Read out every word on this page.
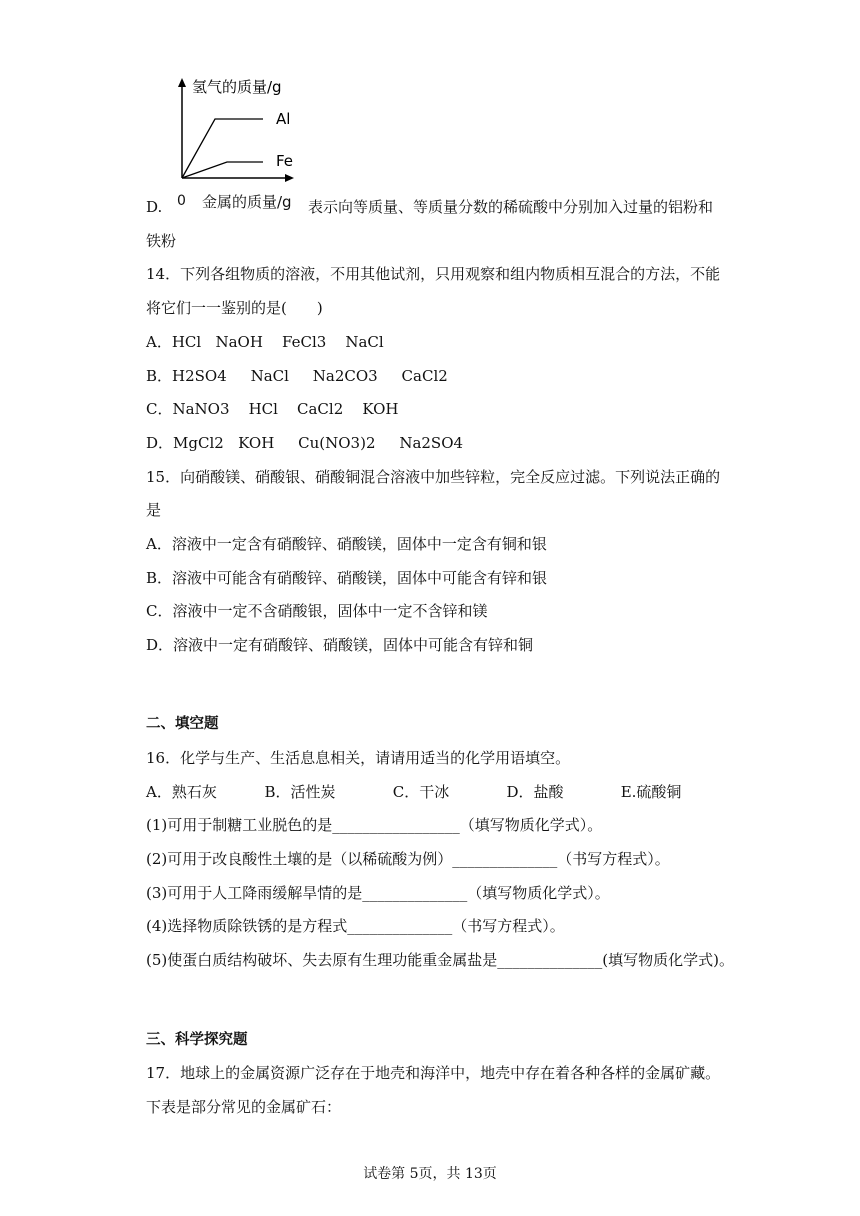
氢气的质量/g
Al
Fe
0 金属的质量/g
D.	表示向等质量、等质量分数的稀硫酸中分别加入过量的铝粉和
铁粉
14．下列各组物质的溶液，不用其他试剂，只用观察和组内物质相互混合的方法，不能
将它们一一鉴别的是(　　)
A．HCl   NaOH    FeCl3    NaCl
B．H2SO4     NaCl     Na2CO3     CaCl2
C．NaNO3    HCl    CaCl2    KOH
D．MgCl2   KOH     Cu(NO3)2     Na2SO4
15．向硝酸镁、硝酸银、硝酸铜混合溶液中加些锌粒，完全反应过滤。下列说法正确的
是
A．溶液中一定含有硝酸锌、硝酸镁，固体中一定含有铜和银
B．溶液中可能含有硝酸锌、硝酸镁，固体中可能含有锌和银
C．溶液中一定不含硝酸银，固体中一定不含锌和镁
D．溶液中一定有硝酸锌、硝酸镁，固体中可能含有锌和铜
二、填空题
16．化学与生产、生活息息相关，请请用适当的化学用语填空。
A．熟石灰          B．活性炭            C．干冰            D．盐酸            E.硫酸铜
(1)可用于制糖工业脱色的是_________________（填写物质化学式）。
(2)可用于改良酸性土壤的是（以稀硫酸为例）______________（书写方程式）。
(3)可用于人工降雨缓解旱情的是______________（填写物质化学式）。
(4)选择物质除铁锈的是方程式______________（书写方程式）。
(5)使蛋白质结构破坏、失去原有生理功能重金属盐是______________(填写物质化学式)。
三、科学探究题
17．地球上的金属资源广泛存在于地壳和海洋中，地壳中存在着各种各样的金属矿藏。
下表是部分常见的金属矿石：
试卷第 5页，共 13页
